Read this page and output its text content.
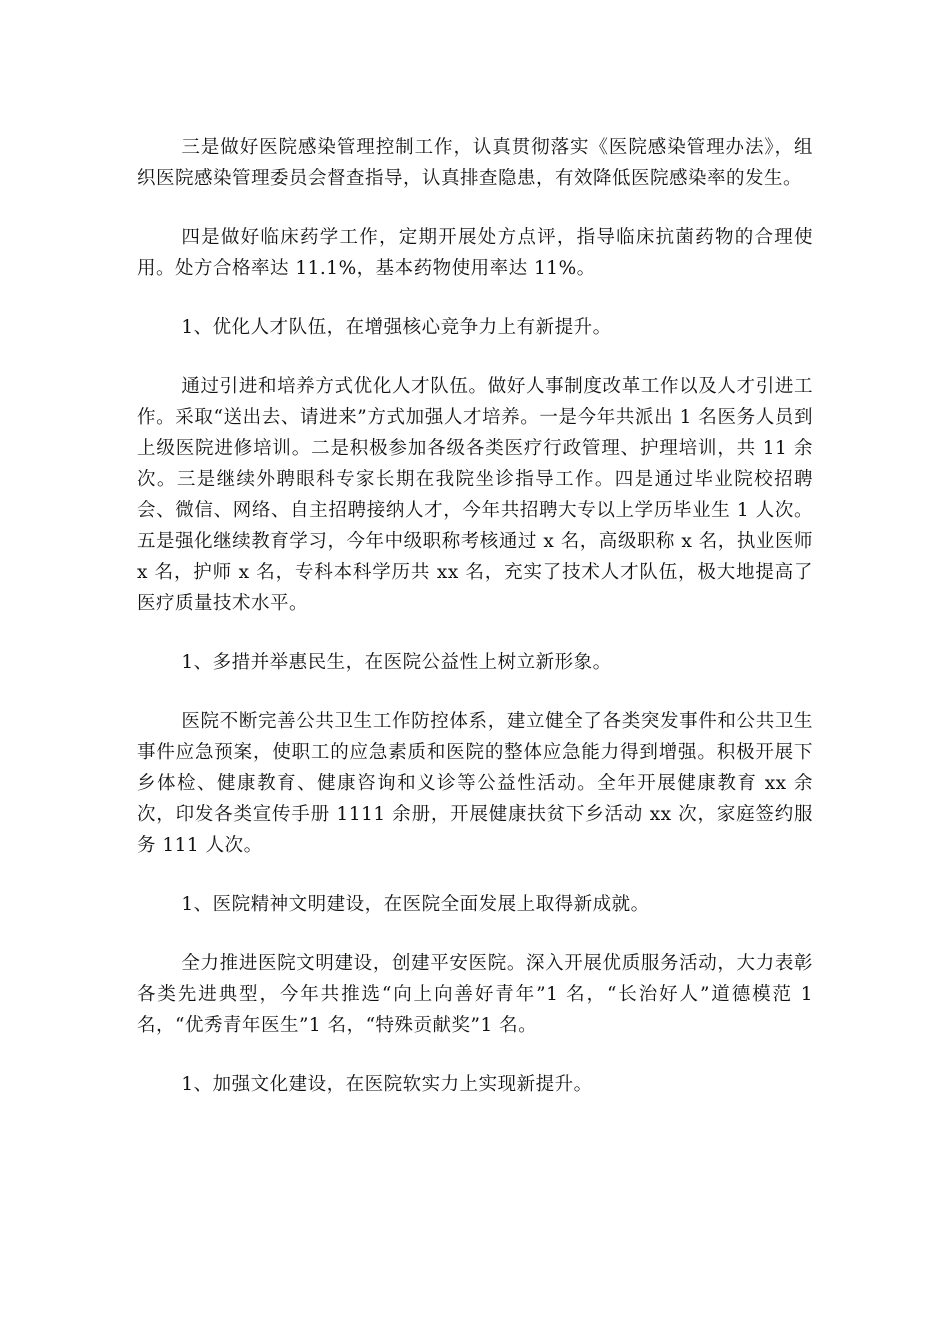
三是做好医院感染管理控制工作，认真贯彻落实《医院感染管理办法》，组织医院感染管理委员会督查指导，认真排查隐患，有效降低医院感染率的发生。

四是做好临床药学工作，定期开展处方点评，指导临床抗菌药物的合理使用。处方合格率达 11.1%，基本药物使用率达 11%。

1、优化人才队伍，在增强核心竞争力上有新提升。

通过引进和培养方式优化人才队伍。做好人事制度改革工作以及人才引进工作。采取“送出去、请进来”方式加强人才培养。一是今年共派出 1 名医务人员到上级医院进修培训。二是积极参加各级各类医疗行政管理、护理培训，共 11 余次。三是继续外聘眼科专家长期在我院坐诊指导工作。四是通过毕业院校招聘会、微信、网络、自主招聘接纳人才，今年共招聘大专以上学历毕业生 1 人次。五是强化继续教育学习，今年中级职称考核通过 x 名，高级职称 x 名，执业医师 x 名，护师 x 名，专科本科学历共 xx 名，充实了技术人才队伍，极大地提高了医疗质量技术水平。

1、多措并举惠民生，在医院公益性上树立新形象。

医院不断完善公共卫生工作防控体系，建立健全了各类突发事件和公共卫生事件应急预案，使职工的应急素质和医院的整体应急能力得到增强。积极开展下乡体检、健康教育、健康咨询和义诊等公益性活动。全年开展健康教育 xx 余次，印发各类宣传手册 1111 余册，开展健康扶贫下乡活动 xx 次，家庭签约服务 111 人次。

1、医院精神文明建设，在医院全面发展上取得新成就。

全力推进医院文明建设，创建平安医院。深入开展优质服务活动，大力表彰各类先进典型，今年共推选“向上向善好青年”1 名，“长治好人”道德模范 1 名，“优秀青年医生”1 名，“特殊贡献奖”1 名。

1、加强文化建设，在医院软实力上实现新提升。
